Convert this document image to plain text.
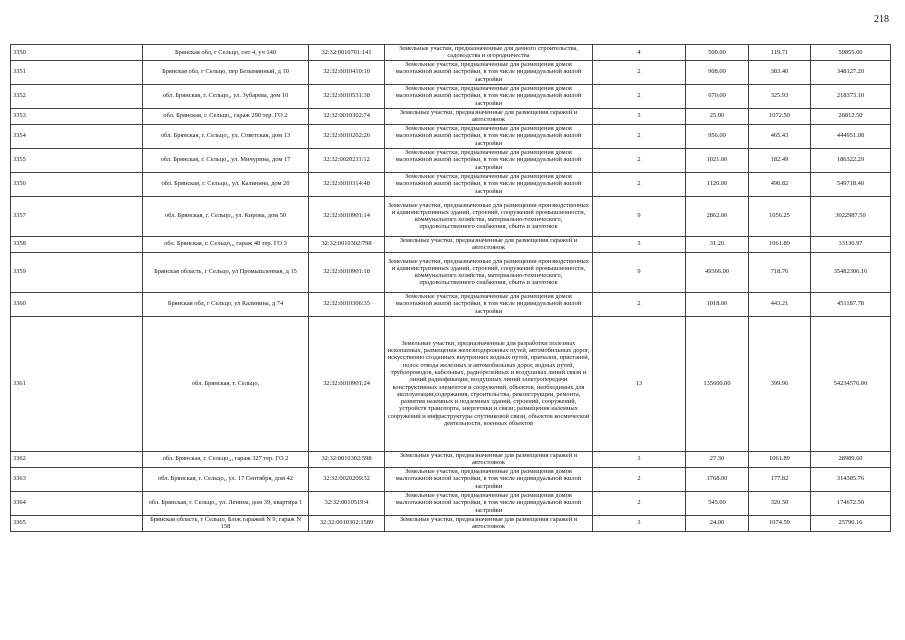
218
3350	Брянская обл, г Сельцо, снт 4, уч 140	32:32:0010701:141	Земельные участки, предназначенные для дачного строительства, садоводства и огородничества	4	500.00	119.71	59855.00
3351	Брянская обл, г Сельцо, пер Безымянный, д 10	32:32:0010410:10	Земельные участки, предназначенные для размещения домов малоэтажной жилой застройки, в том числе индивидуальной жилой застройки	2	908.00	383.40	348127.20
3352	обл. Брянская, г. Сельцо,, ул. Зубарева, дом 10	32:32:0010531:38	Земельные участки, предназначенные для размещения домов малоэтажной жилой застройки, в том числе индивидуальной жилой застройки	2	670.00	325.93	218373.10
3353	обл. Брянская, г. Сельцо,, гараж 290 тер. ГО 2	32:32:0010302:74	Земельные участки, предназначенные для размещения гаражей и автостоянок	3	25.00	1072.50	26812.50
3354	обл. Брянская, г. Сельцо,, ул. Советская, дом 13	32:32:0010202:26	Земельные участки, предназначенные для размещения домов малоэтажной жилой застройки, в том числе индивидуальной жилой застройки	2	956.00	465.43	444951.08
3355	обл. Брянская, г. Сельцо,, ул. Мичурина, дом 17	32:32:0020211:12	Земельные участки, предназначенные для размещения домов малоэтажной жилой застройки, в том числе индивидуальной жилой застройки	2	1021.00	182.49	186322.29
3356	обл. Брянская, г. Сельцо,, ул. Калинина, дом 20	32:32:0010314:48	Земельные участки, предназначенные для размещения домов малоэтажной жилой застройки, в том числе индивидуальной жилой застройки	2	1120.00	490.82	549718.40
3357	обл. Брянская, г. Сельцо,, ул. Кирова, дом 50	32:32:0010901:14	Земельные участки, предназначенные для размещения производственных и административных зданий, строений, сооружений промышленности, коммунального хозяйства, материально-технического, продовольственного снабжения, сбыта и заготовок	9	2862.00	1056.25	3022987.50
3358	обл. Брянская, г. Сельцо,,, гараж 48 тер. ГО 3	32:32:0010302:798	Земельные участки, предназначенные для размещения гаражей и автостоянок	3	31.20	1061.89	33130.97
3359	Брянская область, г Сельцо, ул Промышленная, д 15	32:32:0010901:18	Земельные участки, предназначенные для размещения производственных и административных зданий, строений, сооружений промышленности, коммунального хозяйства, материально-технического, продовольственного снабжения, сбыта и заготовок	9	49366.00	718.76	35482306.16
3360	Брянская обл, г Сельцо, ул Калинина, д 74	32:32:0010306:35	Земельные участки, предназначенные для размещения домов малоэтажной жилой застройки, в том числе индивидуальной жилой застройки	2	1018.00	443.21	451187.78
3361	обл. Брянская, г. Сельцо,	32:32:0010901:24	Земельные участки, предназначенные для разработки полезных ископаемых, размещения железнодорожных путей, автомобильных дорог, искусственно созданных внутренних водных путей, причалов, пристаней, полос отвода железных и автомобильных дорог, водных путей, трубопроводов, кабельных, радиорелейных и воздушных линий связи и линий радиофикации, воздушных линий электропередачи конструктивных элементов и сооружений, объектов, необходимых для эксплуатации,содержания, строительства, реконструкции, ремонта, развития наземных и подземных зданий, строений, сооружений, устройств транспорта, энергетики и связи; размещения наземных сооружений и инфраструктуры спутниковой связи, объектов космической деятельности, военных объектов	13	135600.00	399.96	54234576.00
3362	обл. Брянская, г. Сельцо,,, гараж 327 тер. ГО 2	32:32:0010302:598	Земельные участки, предназначенные для размещения гаражей и автостоянок	3	27.30	1061.89	28989.60
3363	обл. Брянская, г. Сельцо,, ул. 17 Сентября, дом 42	32:32:0020209:32	Земельные участки, предназначенные для размещения домов малоэтажной жилой застройки, в том числе индивидуальной жилой застройки	2	1768.00	177.82	314385.76
3364	обл. Брянская, г. Сельцо,, ул. Ленина, дом 39, квартира 1	32:32:0010519:4	Земельные участки, предназначенные для размещения домов малоэтажной жилой застройки, в том числе индивидуальной жилой застройки	2	545.00	320.50	174672.50
3365	Брянская область, г Сельцо, Блок гаражей N 9, гараж N 158	32:32:0010302:1589	Земельные участки, предназначенные для размещения гаражей и автостоянок	3	24.00	1074.59	25790.16
